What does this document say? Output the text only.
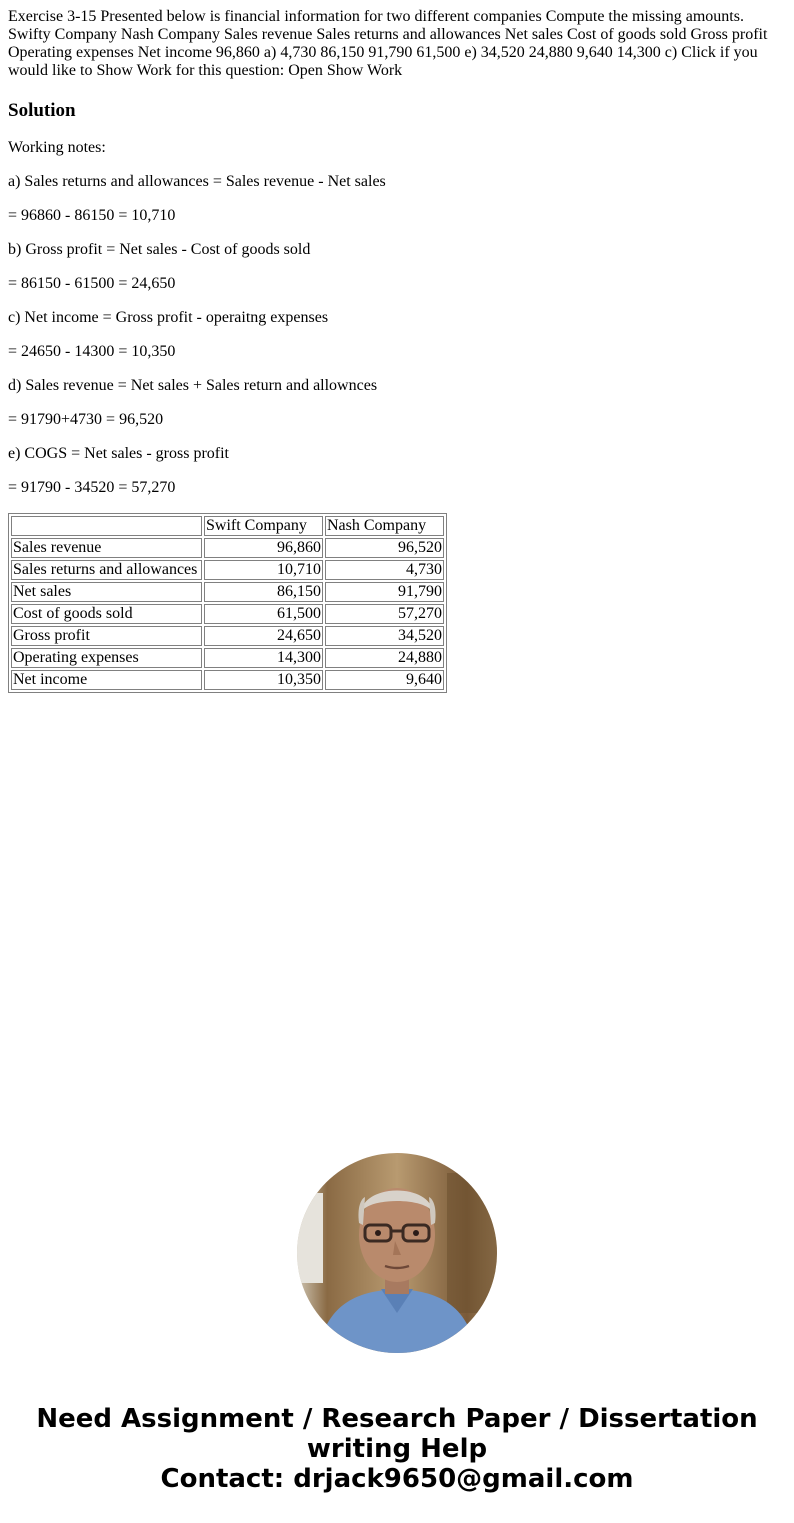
Exercise 3-15 Presented below is financial information for two different companies Compute the missing amounts. Swifty Company Nash Company Sales revenue Sales returns and allowances Net sales Cost of goods sold Gross profit Operating expenses Net income 96,860 a) 4,730 86,150 91,790 61,500 e) 34,520 24,880 9,640 14,300 c) Click if you would like to Show Work for this question: Open Show Work

Solution

Working notes:

a) Sales returns and allowances = Sales revenue - Net sales

= 96860 - 86150 = 10,710

b) Gross profit = Net sales - Cost of goods sold

= 86150 - 61500 = 24,650

c) Net income = Gross profit - operaitng expenses

= 24650 - 14300 = 10,350

d) Sales revenue = Net sales + Sales return and allownces

= 91790+4730 = 96,520

e) COGS = Net sales - gross profit

= 91790 - 34520 = 57,270

	Swift Company	Nash Company
Sales revenue	96,860	96,520
Sales returns and allowances	10,710	4,730
Net sales	86,150	91,790
Cost of goods sold	61,500	57,270
Gross profit	24,650	34,520
Operating expenses	14,300	24,880
Net income	10,350	9,640
Need Assignment / Research Paper / Dissertation
writing Help
Contact: drjack9650@gmail.com
